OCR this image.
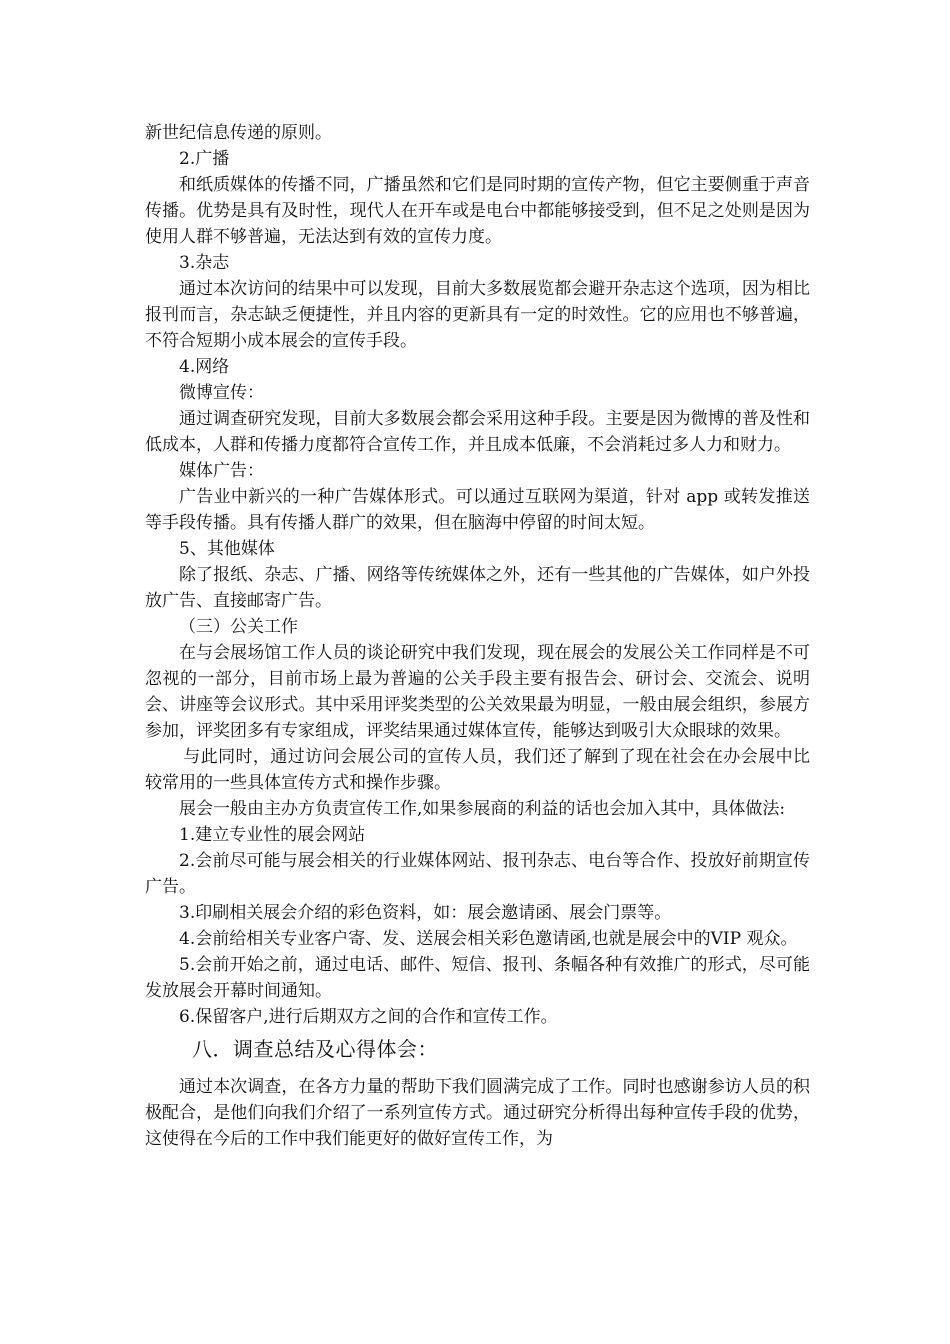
新世纪信息传递的原则。

2.广播

和纸质媒体的传播不同，广播虽然和它们是同时期的宣传产物，但它主要侧重于声音传播。优势是具有及时性，现代人在开车或是电台中都能够接受到，但不足之处则是因为使用人群不够普遍，无法达到有效的宣传力度。

3.杂志

通过本次访问的结果中可以发现，目前大多数展览都会避开杂志这个选项，因为相比报刊而言，杂志缺乏便捷性，并且内容的更新具有一定的时效性。它的应用也不够普遍，不符合短期小成本展会的宣传手段。

4.网络

微博宣传：

通过调查研究发现，目前大多数展会都会采用这种手段。主要是因为微博的普及性和低成本，人群和传播力度都符合宣传工作，并且成本低廉，不会消耗过多人力和财力。

媒体广告：

广告业中新兴的一种广告媒体形式。可以通过互联网为渠道，针对 app 或转发推送等手段传播。具有传播人群广的效果，但在脑海中停留的时间太短。

5、其他媒体

除了报纸、杂志、广播、网络等传统媒体之外，还有一些其他的广告媒体，如户外投放广告、直接邮寄广告。

（三）公关工作

在与会展场馆工作人员的谈论研究中我们发现，现在展会的发展公关工作同样是不可忽视的一部分，目前市场上最为普遍的公关手段主要有报告会、研讨会、交流会、说明会、讲座等会议形式。其中采用评奖类型的公关效果最为明显，一般由展会组织，参展方参加，评奖团多有专家组成，评奖结果通过媒体宣传，能够达到吸引大众眼球的效果。

与此同时，通过访问会展公司的宣传人员，我们还了解到了现在社会在办会展中比较常用的一些具体宣传方式和操作步骤。

展会一般由主办方负责宣传工作,如果参展商的利益的话也会加入其中，具体做法:

1.建立专业性的展会网站

2.会前尽可能与展会相关的行业媒体网站、报刊杂志、电台等合作、投放好前期宣传广告。

3.印刷相关展会介绍的彩色资料，如：展会邀请函、展会门票等。

4.会前给相关专业客户寄、发、送展会相关彩色邀请函,也就是展会中的VIP 观众。

5.会前开始之前，通过电话、邮件、短信、报刊、条幅各种有效推广的形式，尽可能发放展会开幕时间通知。

6.保留客户,进行后期双方之间的合作和宣传工作。

八．调查总结及心得体会：

通过本次调查，在各方力量的帮助下我们圆满完成了工作。同时也感谢参访人员的积极配合，是他们向我们介绍了一系列宣传方式。通过研究分析得出每种宣传手段的优势，这使得在今后的工作中我们能更好的做好宣传工作，为
